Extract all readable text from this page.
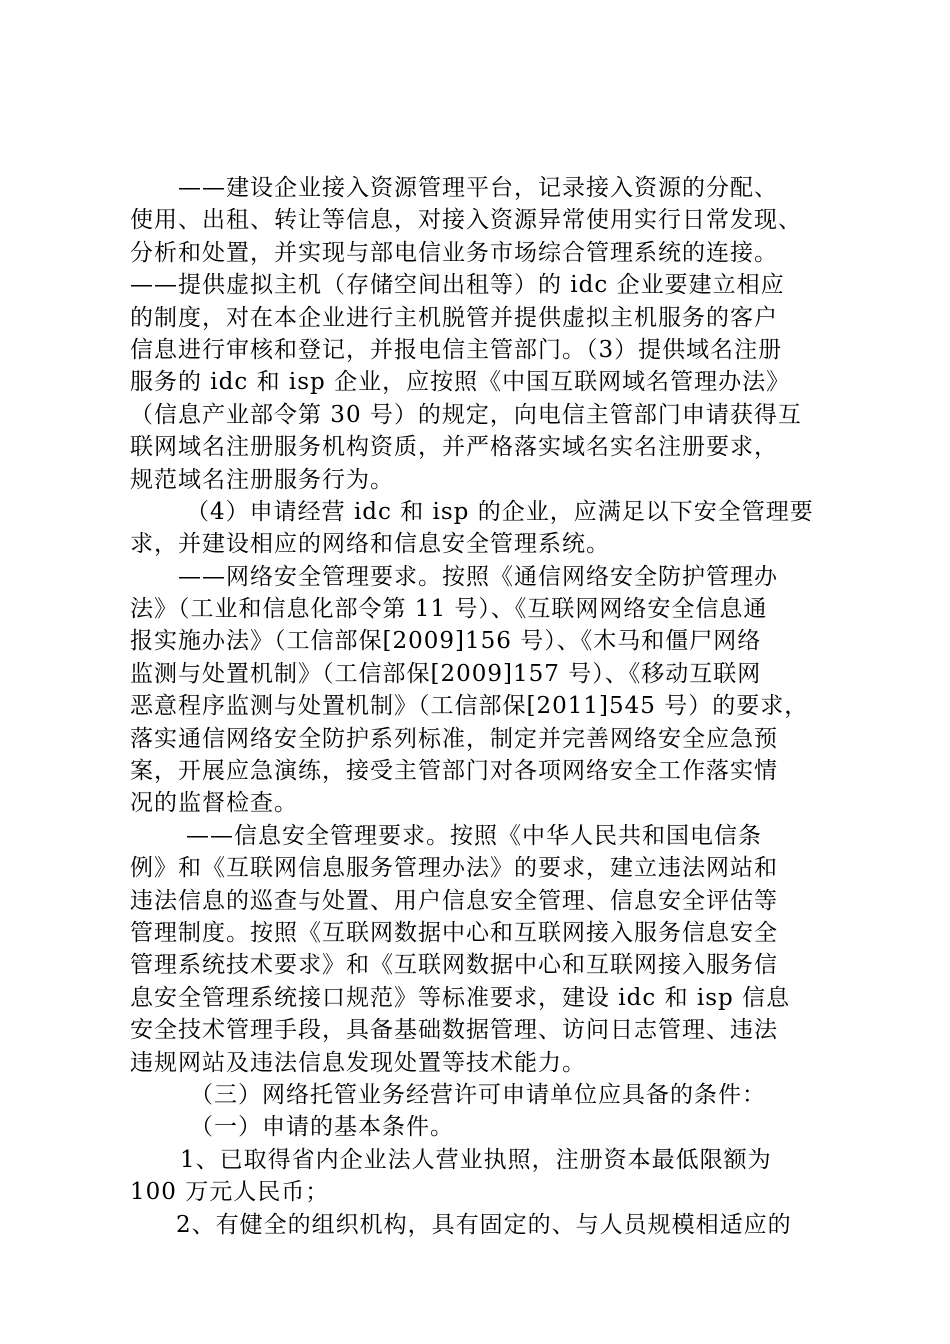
——建设企业接入资源管理平台，记录接入资源的分配、
使用、出租、转让等信息，对接入资源异常使用实行日常发现、
分析和处置，并实现与部电信业务市场综合管理系统的连接。
——提供虚拟主机（存储空间出租等）的 idc 企业要建立相应
的制度，对在本企业进行主机脱管并提供虚拟主机服务的客户
信息进行审核和登记，并报电信主管部门。（3）提供域名注册
服务的 idc 和 isp 企业，应按照《中国互联网域名管理办法》
（信息产业部令第 30 号）的规定，向电信主管部门申请获得互
联网域名注册服务机构资质，并严格落实域名实名注册要求，
规范域名注册服务行为。
（4）申请经营 idc 和 isp 的企业，应满足以下安全管理要
求，并建设相应的网络和信息安全管理系统。
——网络安全管理要求。按照《通信网络安全防护管理办
法》（工业和信息化部令第 11 号）、《互联网网络安全信息通
报实施办法》（工信部保[2009]156 号）、《木马和僵尸网络
监测与处置机制》（工信部保[2009]157 号）、《移动互联网
恶意程序监测与处置机制》（工信部保[2011]545 号）的要求，
落实通信网络安全防护系列标准，制定并完善网络安全应急预
案，开展应急演练，接受主管部门对各项网络安全工作落实情
况的监督检查。
——信息安全管理要求。按照《中华人民共和国电信条
例》和《互联网信息服务管理办法》的要求，建立违法网站和
违法信息的巡查与处置、用户信息安全管理、信息安全评估等
管理制度。按照《互联网数据中心和互联网接入服务信息安全
管理系统技术要求》和《互联网数据中心和互联网接入服务信
息安全管理系统接口规范》等标准要求，建设 idc 和 isp 信息
安全技术管理手段，具备基础数据管理、访问日志管理、违法
违规网站及违法信息发现处置等技术能力。
（三）网络托管业务经营许可申请单位应具备的条件：
（一）申请的基本条件。
1、已取得省内企业法人营业执照，注册资本最低限额为
100 万元人民币；
2、有健全的组织机构，具有固定的、与人员规模相适应的
